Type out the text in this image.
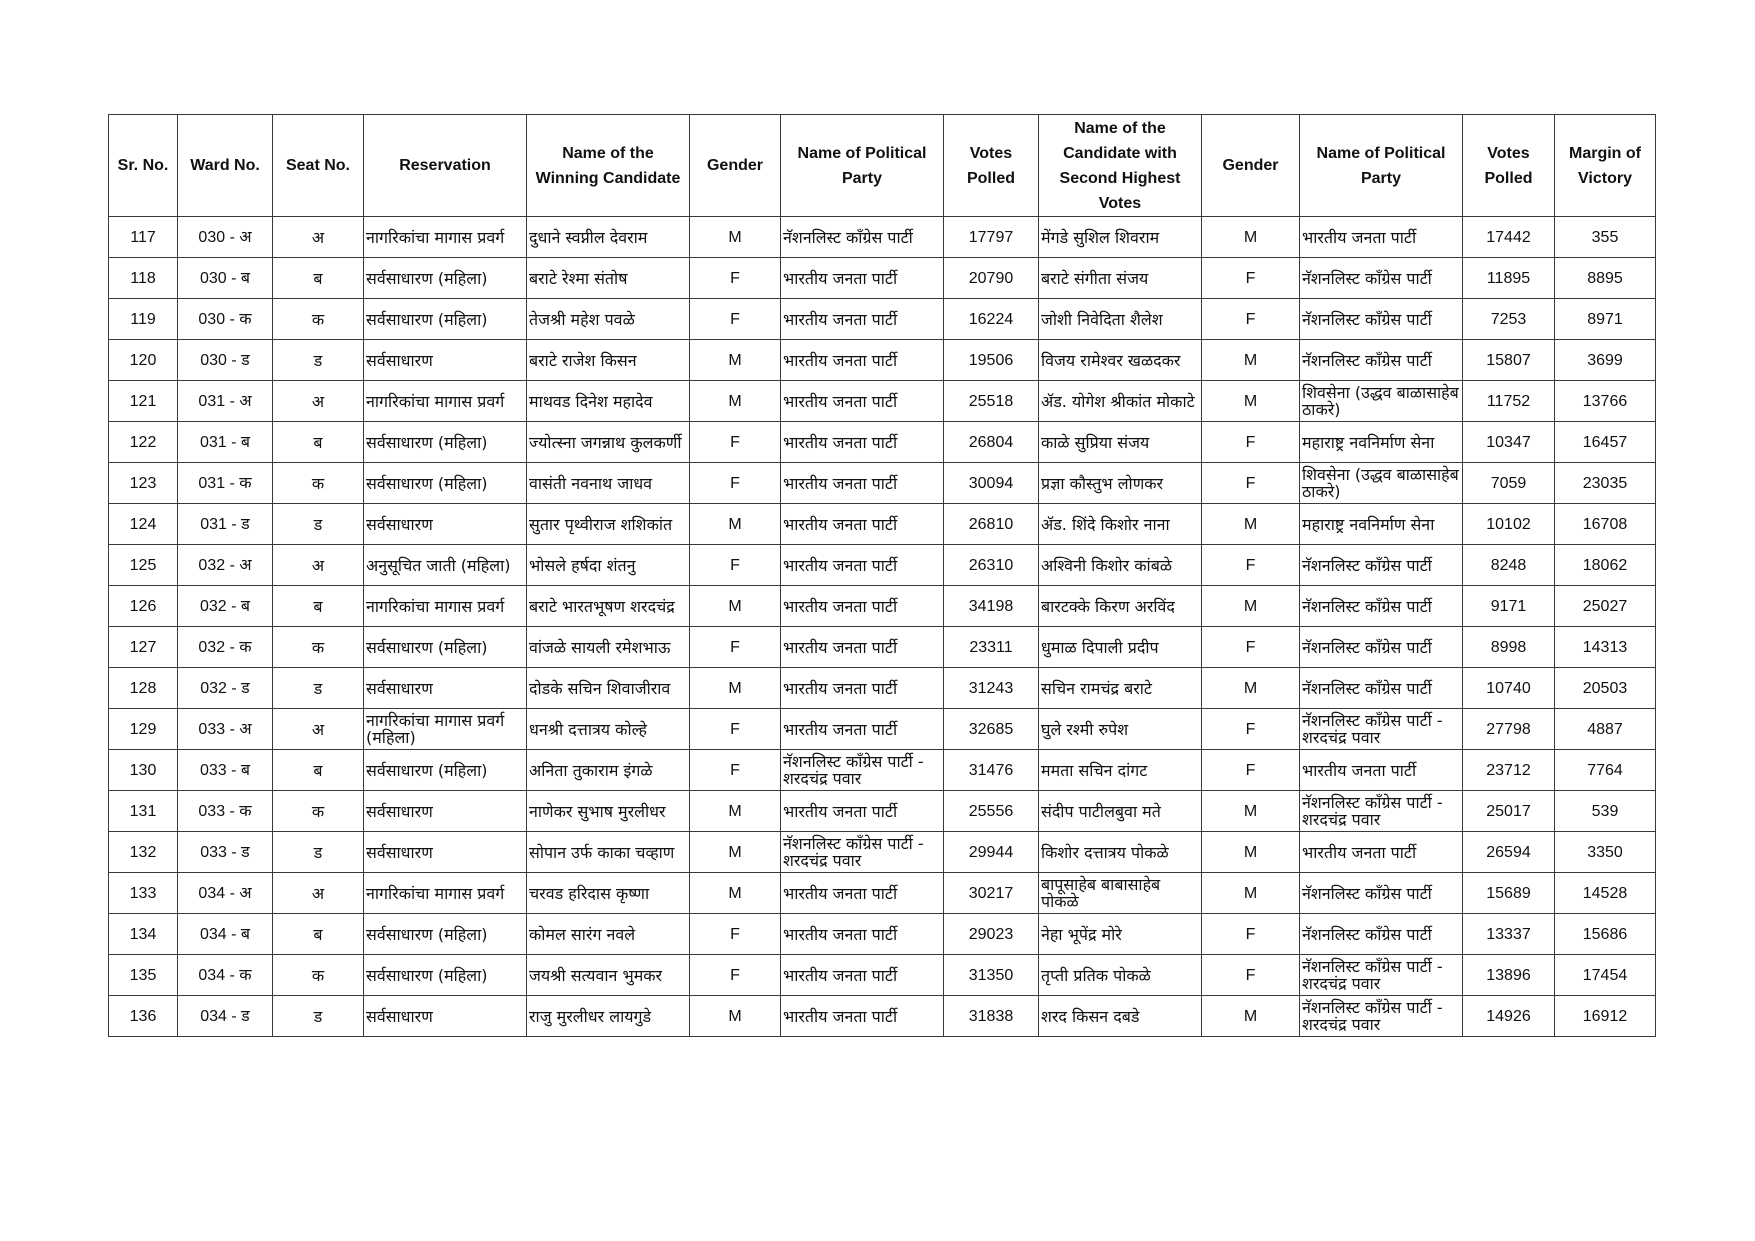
Sr. No.	Ward No.	Seat No.	Reservation	Name of the Winning Candidate	Gender	Name of Political Party	Votes Polled	Name of the Candidate with Second Highest Votes	Gender	Name of Political Party	Votes Polled	Margin of Victory
117	030 - अ	अ	नागरिकांचा मागास प्रवर्ग	दुधाने स्वप्नील देवराम	M	नॅशनलिस्ट काँग्रेस पार्टी	17797	मेंगडे सुशिल शिवराम	M	भारतीय जनता पार्टी	17442	355
118	030 - ब	ब	सर्वसाधारण (महिला)	बराटे रेश्मा संतोष	F	भारतीय जनता पार्टी	20790	बराटे संगीता संजय	F	नॅशनलिस्ट काँग्रेस पार्टी	11895	8895
119	030 - क	क	सर्वसाधारण (महिला)	तेजश्री महेश पवळे	F	भारतीय जनता पार्टी	16224	जोशी निवेदिता शैलेश	F	नॅशनलिस्ट काँग्रेस पार्टी	7253	8971
120	030 - ड	ड	सर्वसाधारण	बराटे राजेश किसन	M	भारतीय जनता पार्टी	19506	विजय रामेश्वर खळदकर	M	नॅशनलिस्ट काँग्रेस पार्टी	15807	3699
121	031 - अ	अ	नागरिकांचा मागास प्रवर्ग	माथवड दिनेश महादेव	M	भारतीय जनता पार्टी	25518	ॲड. योगेश श्रीकांत मोकाटे	M	शिवसेना (उद्धव बाळासाहेब ठाकरे)	11752	13766
122	031 - ब	ब	सर्वसाधारण (महिला)	ज्योत्स्ना जगन्नाथ कुलकर्णी	F	भारतीय जनता पार्टी	26804	काळे सुप्रिया संजय	F	महाराष्ट्र नवनिर्माण सेना	10347	16457
123	031 - क	क	सर्वसाधारण (महिला)	वासंती नवनाथ जाधव	F	भारतीय जनता पार्टी	30094	प्रज्ञा कौस्तुभ लोणकर	F	शिवसेना (उद्धव बाळासाहेब ठाकरे)	7059	23035
124	031 - ड	ड	सर्वसाधारण	सुतार पृथ्वीराज शशिकांत	M	भारतीय जनता पार्टी	26810	ॲड. शिंदे किशोर नाना	M	महाराष्ट्र नवनिर्माण सेना	10102	16708
125	032 - अ	अ	अनुसूचित जाती (महिला)	भोसले हर्षदा शंतनु	F	भारतीय जनता पार्टी	26310	अश्विनी किशोर कांबळे	F	नॅशनलिस्ट काँग्रेस पार्टी	8248	18062
126	032 - ब	ब	नागरिकांचा मागास प्रवर्ग	बराटे भारतभूषण शरदचंद्र	M	भारतीय जनता पार्टी	34198	बारटक्के किरण अरविंद	M	नॅशनलिस्ट काँग्रेस पार्टी	9171	25027
127	032 - क	क	सर्वसाधारण (महिला)	वांजळे सायली रमेशभाऊ	F	भारतीय जनता पार्टी	23311	धुमाळ दिपाली प्रदीप	F	नॅशनलिस्ट काँग्रेस पार्टी	8998	14313
128	032 - ड	ड	सर्वसाधारण	दोडके सचिन शिवाजीराव	M	भारतीय जनता पार्टी	31243	सचिन रामचंद्र बराटे	M	नॅशनलिस्ट काँग्रेस पार्टी	10740	20503
129	033 - अ	अ	नागरिकांचा मागास प्रवर्ग (महिला)	धनश्री दत्तात्रय कोल्हे	F	भारतीय जनता पार्टी	32685	घुले रश्मी रुपेश	F	नॅशनलिस्ट काँग्रेस पार्टी - शरदचंद्र पवार	27798	4887
130	033 - ब	ब	सर्वसाधारण (महिला)	अनिता तुकाराम इंगळे	F	नॅशनलिस्ट काँग्रेस पार्टी - शरदचंद्र पवार	31476	ममता सचिन दांगट	F	भारतीय जनता पार्टी	23712	7764
131	033 - क	क	सर्वसाधारण	नाणेकर सुभाष मुरलीधर	M	भारतीय जनता पार्टी	25556	संदीप पाटीलबुवा मते	M	नॅशनलिस्ट काँग्रेस पार्टी - शरदचंद्र पवार	25017	539
132	033 - ड	ड	सर्वसाधारण	सोपान उर्फ काका चव्हाण	M	नॅशनलिस्ट काँग्रेस पार्टी - शरदचंद्र पवार	29944	किशोर दत्तात्रय पोकळे	M	भारतीय जनता पार्टी	26594	3350
133	034 - अ	अ	नागरिकांचा मागास प्रवर्ग	चरवड हरिदास कृष्णा	M	भारतीय जनता पार्टी	30217	बापूसाहेब बाबासाहेब पोकळे	M	नॅशनलिस्ट काँग्रेस पार्टी	15689	14528
134	034 - ब	ब	सर्वसाधारण (महिला)	कोमल सारंग नवले	F	भारतीय जनता पार्टी	29023	नेहा भूपेंद्र मोरे	F	नॅशनलिस्ट काँग्रेस पार्टी	13337	15686
135	034 - क	क	सर्वसाधारण (महिला)	जयश्री सत्यवान भुमकर	F	भारतीय जनता पार्टी	31350	तृप्ती प्रतिक पोकळे	F	नॅशनलिस्ट काँग्रेस पार्टी - शरदचंद्र पवार	13896	17454
136	034 - ड	ड	सर्वसाधारण	राजु मुरलीधर लायगुडे	M	भारतीय जनता पार्टी	31838	शरद किसन दबडे	M	नॅशनलिस्ट काँग्रेस पार्टी - शरदचंद्र पवार	14926	16912
